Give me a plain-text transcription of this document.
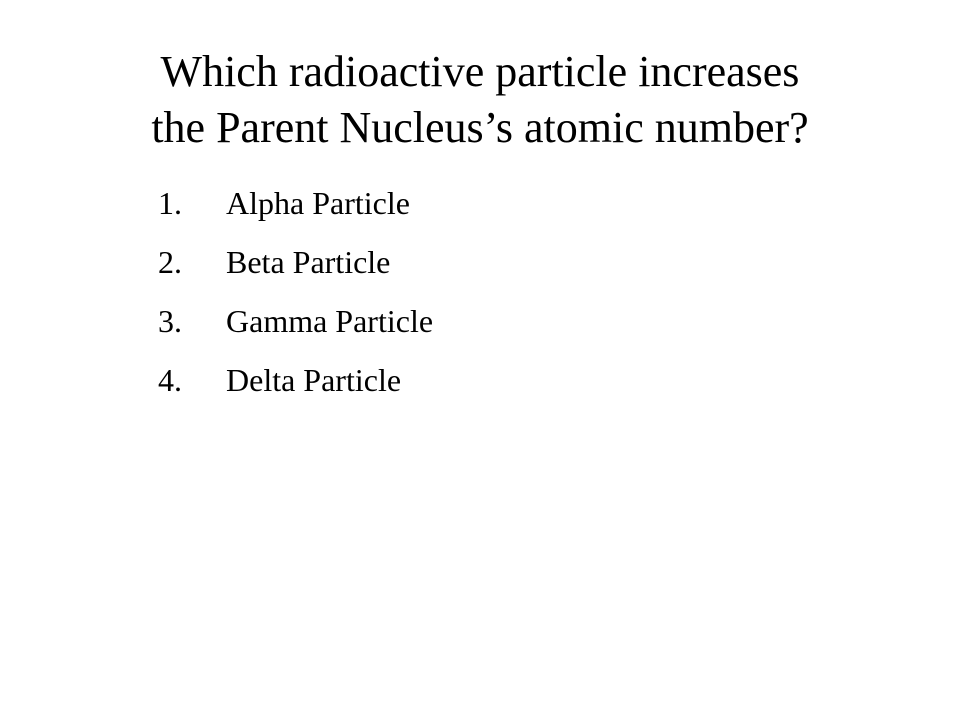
Which radioactive particle increases
the Parent Nucleus’s atomic number?
1.	Alpha Particle
2.	Beta Particle
3.	Gamma Particle
4.	Delta Particle
